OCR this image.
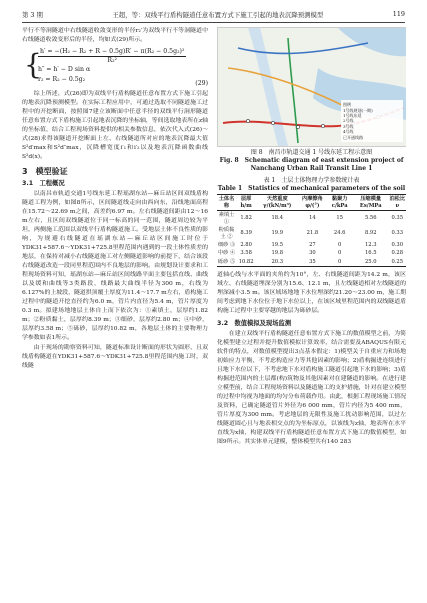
第 3 期	王超，等：双线平行盾构隧道任意布置方式下施工引起的地表沉降预测模型	119

平行不等洞隧道中右线隧道收敛变形的半径r₂′为双线平行不等洞隧道中右线隧道收敛变形后的半径，均如式(29)所示。

{
$\frac{\text{h′ = −(H₂ − R₂ + R − 0.5g)R′ − π(R₂ − 0.5g₂)²}}{\text{R₂²}}$
h″ = h′ − D sin α
r₂ = R₂ − 0.5g₂
(29)

综上所述，式(26)即为双线平行盾构隧道任意布置方式下施工引起的地表沉降预测模型。在实际工程应用中，可通过选取不同隧道施工过程中的开挖断面，按照图7建立该断面中任意半径的双线平行洞形隧道任意布置方式下盾构施工引起地表沉降的坐标轴，等间选取地表所在z轴的坐标值，结合工程现场资料提供的相关参数信息，依次代入式(26)～式(28)求得该隧道开挖断面上左、右线隧道所对应的地表沉降最大值S²d′max和S²d″max，沉降槽宽度i′₁和i′₂以及地表沉降函数曲线S²d(x)。

3　模型验证
3.1　工程概况

以南昌市轨道交通1号线东延工程瑶湖东站—麻丘站区间双线盾构隧道工程为例，如图8所示，区间隧道线走向由西向东，沿线地面高程在15.72～22.69 m之间，高差约6.97 m。左右线隧道间距由12～16 m左右，且区间双线隧道位于同一标高的同一范围，隧道周边较为平坦，两侧施工范围以双线平行盾构隧道施工。受地层土体不良性质的影响，为规避右线隧道在瑶湖东站—麻丘站区间施工时位于YDK31+587.6～YDK31+725.8里程范围内遇到的一段土体性质差的地层，在保持对减小右线隧道施工对左侧隧道影响的前提下，结合该段右线隧道改造一段同里程范围内不良地层的影响。由规划设计要求和工程现场资料可知，瑶湖东站—麻丘站区间线路平面主要包括直线、曲线以及缓和曲线等3类路段，线路最大曲线半径为300 m，右线为6.127%的上坡段，隧道拱顶覆土厚度为11.4～17.7 m左右，盾构施工过程中的隧道开挖直径约为6.0 m，管片内直径为5.4 m，管片厚度为0.3 m。拟建场地地层土体自上而下依次为：①素填土，层厚约1.82 m；②粉质黏土，层厚约8.39 m；③细砂，层厚约2.80 m；④中砂，层厚约3.58 m；⑤砾砂，层厚约10.82 m，各地层土体的主要物理力学参数如表1所示。

由于现场的勘察资料可知，隧道标准设计断面的形状为圆形，且双线盾构隧道在YDK31+587.6～YDK31+725.8里程范围内施工时，双线隧

图例
1号线规划(一期)
1号线东延
2号线
3号线
4号线
已开通线路
图 8　南昌市轨道交通 1 号线东延工程示意图
Fig. 8　Schematic diagram of east extension project of
Nanchang Urban Rail Transit Line 1
表 1　土层土体物理力学参数统计表
Table 1　Statistics of mechanical parameters of the soil
土体名称	层厚 h/m	天然重度 γ/(kN/m³)	内摩擦角 φ/(°)	黏聚力 c/kPa	压缩模量 Es/MPa	泊松比 ν
素填土 ①	1.82	18.4	14	15	5.56	0.35
粉质黏土 ②	8.39	19.9	21.8	24.6	8.92	0.33
细砂 ③	2.80	19.5	27	0	12.3	0.30
中砂 ④	3.58	19.8	30	0	16.5	0.28
砾砂 ⑤	10.82	20.3	35	0	25.0	0.25

道轴心线与水平面的夹角约为10°，左、右线隧道间距为14.2 m，该区域左、右线隧道埋深分别为15.6、12.1 m，且左线隧道相对左线隧道的埋深减小3.5 m。该区域场地地下水位埋深约21.20～23.00 m，施工期间考虑到地下水位位于地下水位以上，在该区域里程范围内的双线隧道盾构施工过程中主要穿越的地层为砾砂层。

3.2　数值模拟及现场监测

在建立双线平行盾构隧道任意布置方式下施工的数值模型之前，为简化模型建立过程并提升数值模拟计算效率，结合需要及ABAQUS有限元软件的特点，对数值模型提出3点基本假定：1)模型关于自重应力和场地初始应力平衡，不考虑构造应力等其他因素的影响；2)盾构掘进连续进行且地下水位以下，不考虑地下水对盾构施工隧道引起地下水的影响；3)盾构掘进范围内的土层都(构)筑物及其他因素对在建隧道的影响。在进行建立模型前，结合工程现场资料以及隧道施工的支护措施，针对在建立模型的过程中均视为地面的均匀分布荷载作用。由此，根据工程现场施工情况及资料，已确定隧道管片外径为6 000 mm，管片内径为5 400 mm，管片厚度为300 mm。考虑地层的无限性及施工扰动影响范围，以过左线隧道圆心且与地表相交点的为坐标原点，以该线为z轴，地表所在水平直线为x轴，构建双线平行盾构隧道任意布置方式下施工的数值模型，如图9所示。其实体单元建模，整体模型共有140 283
